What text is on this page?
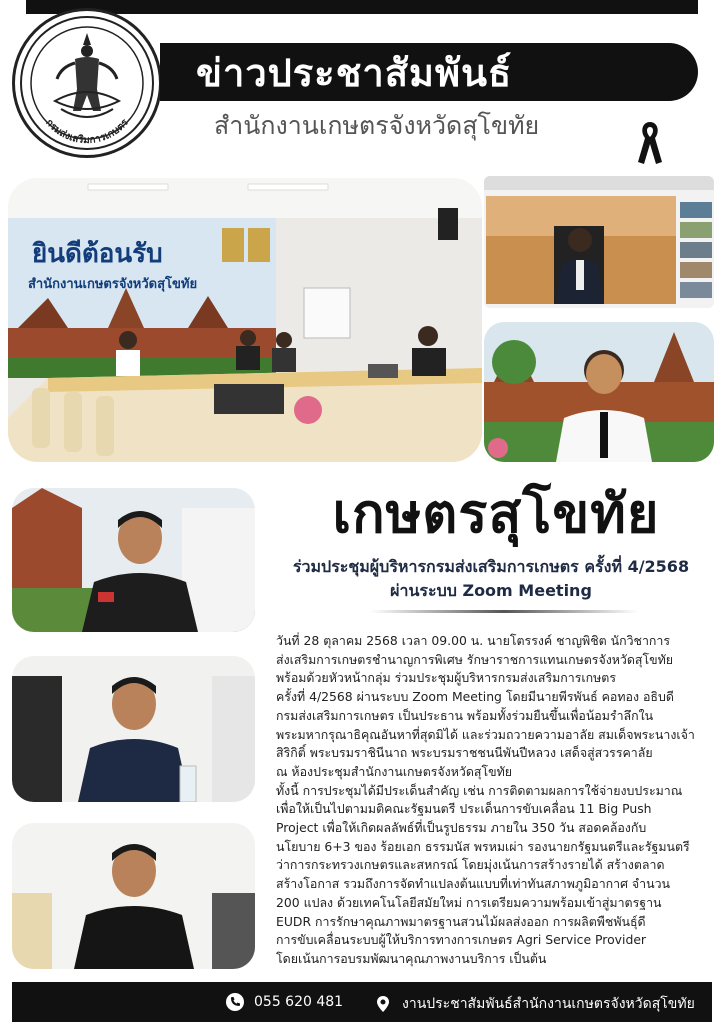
กรมส่งเสริมการเกษตร
ข่าวประชาสัมพันธ์
สำนักงานเกษตรจังหวัดสุโขทัย
ยินดีต้อนรับ
สำนักงานเกษตรจังหวัดสุโขทัย
เกษตรสุโขทัย
ร่วมประชุมผู้บริหารกรมส่งเสริมการเกษตร ครั้งที่ 4/2568
ผ่านระบบ Zoom Meeting

วันที่ 28 ตุลาคม 2568 เวลา 09.00 น. นายโตรรงค์ ชาญพิชิต นักวิชาการ

ส่งเสริมการเกษตรชำนาญการพิเศษ รักษาราชการแทนเกษตรจังหวัดสุโขทัย

พร้อมด้วยหัวหน้ากลุ่ม ร่วมประชุมผู้บริหารกรมส่งเสริมการเกษตร

ครั้งที่ 4/2568 ผ่านระบบ Zoom Meeting โดยมีนายพีรพันธ์ คอทอง อธิบดี

กรมส่งเสริมการเกษตร เป็นประธาน พร้อมทั้งร่วมยืนขึ้นเพื่อน้อมรำลึกใน

พระมหากรุณาธิคุณอันหาที่สุดมิได้ และร่วมถวายความอาลัย สมเด็จพระนางเจ้า

สิริกิติ์ พระบรมราชินีนาถ พระบรมราชชนนีพันปีหลวง เสด็จสู่สวรรคาลัย

ณ ห้องประชุมสำนักงานเกษตรจังหวัดสุโขทัย

ทั้งนี้ การประชุมได้มีประเด็นสำคัญ เช่น การติดตามผลการใช้จ่ายงบประมาณ

เพื่อให้เป็นไปตามมติคณะรัฐมนตรี ประเด็นการขับเคลื่อน 11 Big Push

Project เพื่อให้เกิดผลลัพธ์ที่เป็นรูปธรรม ภายใน 350 วัน สอดคล้องกับ

นโยบาย 6+3 ของ ร้อยเอก ธรรมนัส พรหมเผ่า รองนายกรัฐมนตรีและรัฐมนตรี

ว่าการกระทรวงเกษตรและสหกรณ์ โดยมุ่งเน้นการสร้างรายได้ สร้างตลาด

สร้างโอกาส รวมถึงการจัดทำแปลงต้นแบบที่เท่าทันสภาพภูมิอากาศ จำนวน

200 แปลง ด้วยเทคโนโลยีสมัยใหม่ การเตรียมความพร้อมเข้าสู่มาตรฐาน

EUDR การรักษาคุณภาพมาตรฐานสวนไม้ผลส่งออก การผลิตพืชพันธุ์ดี

การขับเคลื่อนระบบผู้ให้บริการทางการเกษตร Agri Service Provider

โดยเน้นการอบรมพัฒนาคุณภาพงานบริการ เป็นต้น

055 620 481	งานประชาสัมพันธ์สำนักงานเกษตรจังหวัดสุโขทัย
